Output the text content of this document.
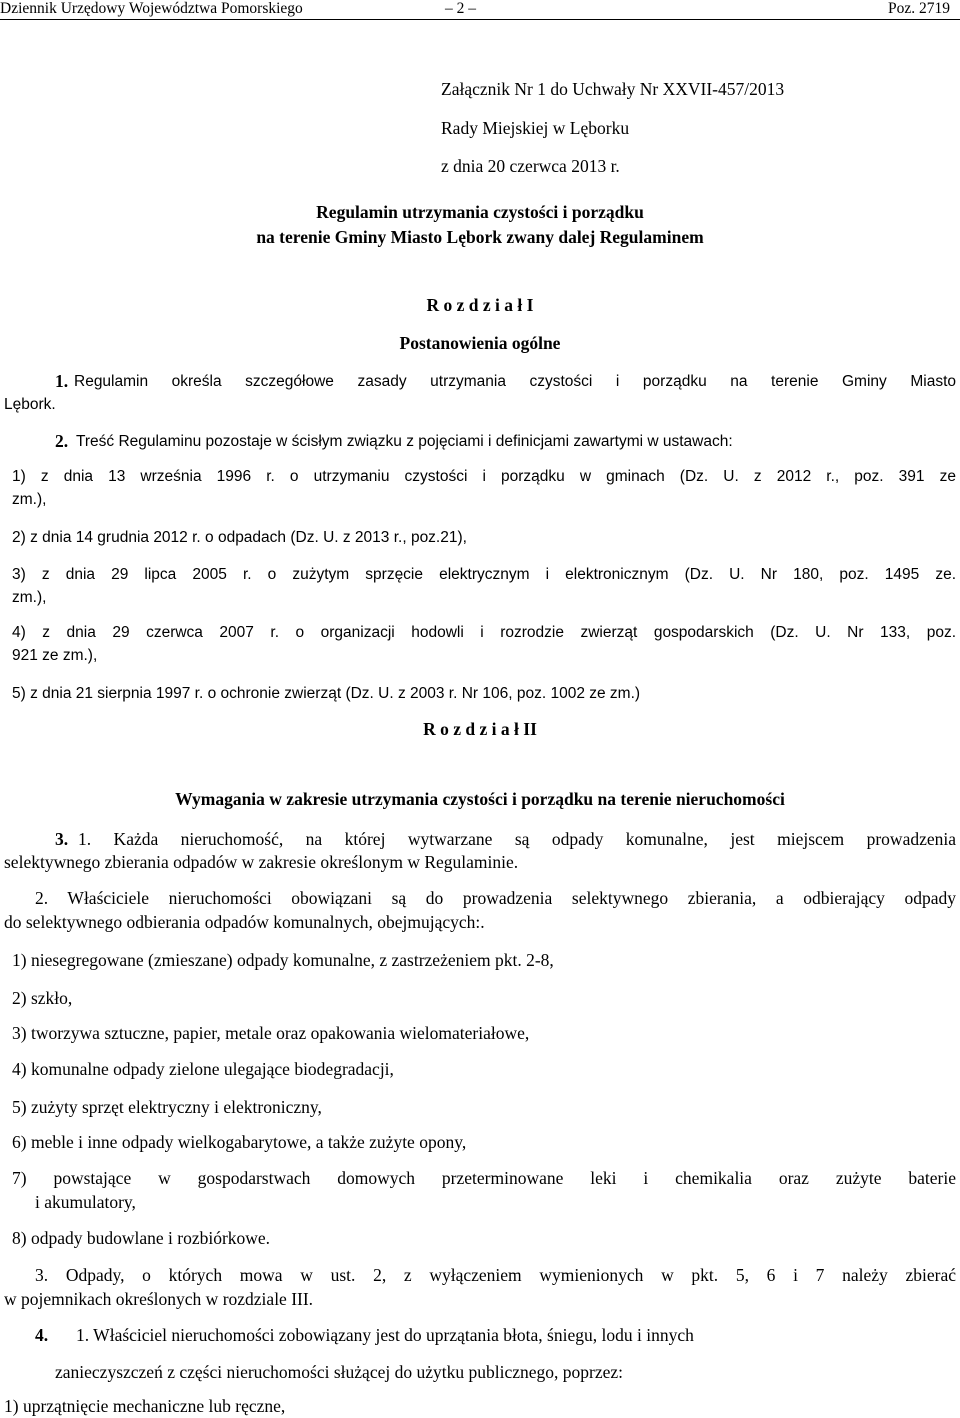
Dziennik Urzędowy Województwa Pomorskiego	– 2 –	Poz. 2719
Załącznik Nr 1 do Uchwały Nr XXVII-457/2013
Rady Miejskiej w Lęborku
z dnia 20 czerwca 2013 r.
Regulamin utrzymania czystości i porządku
na terenie Gminy Miasto Lębork zwany dalej Regulaminem
R o z d z i a ł I
Postanowienia ogólne
1. Regulamin określa szczegółowe zasady utrzymania czystości i porządku na terenie Gminy Miasto
Lębork.
2. Treść Regulaminu pozostaje w ścisłym związku z pojęciami i definicjami zawartymi w ustawach:
1) z dnia 13 września 1996 r. o utrzymaniu czystości i porządku w gminach (Dz. U. z 2012 r., poz. 391 ze
zm.),
2) z dnia 14 grudnia 2012 r. o odpadach (Dz. U. z 2013 r., poz.21),
3) z dnia 29 lipca 2005 r. o zużytym sprzęcie elektrycznym i elektronicznym (Dz. U. Nr 180, poz. 1495 ze.
zm.),
4) z dnia 29 czerwca 2007 r. o organizacji hodowli i rozrodzie zwierząt gospodarskich (Dz. U. Nr 133, poz.
921 ze zm.),
5) z dnia 21 sierpnia 1997 r. o ochronie zwierząt (Dz. U. z 2003 r. Nr 106, poz. 1002 ze zm.)
R o z d z i a ł II
Wymagania w zakresie utrzymania czystości i porządku na terenie nieruchomości
3. 1. Każda nieruchomość, na której wytwarzane są odpady komunalne, jest miejscem prowadzenia
selektywnego zbierania odpadów w zakresie określonym w Regulaminie.
2. Właściciele nieruchomości obowiązani są do prowadzenia selektywnego zbierania, a odbierający odpady
do selektywnego odbierania odpadów komunalnych, obejmujących:.
1) niesegregowane (zmieszane) odpady komunalne, z zastrzeżeniem pkt. 2-8,
2) szkło,
3) tworzywa sztuczne, papier, metale oraz opakowania wielomateriałowe,
4) komunalne odpady zielone ulegające biodegradacji,
5) zużyty sprzęt elektryczny i elektroniczny,
6) meble i inne odpady wielkogabarytowe, a także zużyte opony,
7) powstające w gospodarstwach domowych przeterminowane leki i chemikalia oraz zużyte baterie
i akumulatory,
8) odpady budowlane i rozbiórkowe.
3. Odpady, o których mowa w ust. 2, z wyłączeniem wymienionych w pkt. 5, 6 i 7 należy zbierać
w pojemnikach określonych w rozdziale III.
4. 1. Właściciel nieruchomości zobowiązany jest do uprzątania błota, śniegu, lodu i innych
zanieczyszczeń z części nieruchomości służącej do użytku publicznego, poprzez:
1) uprzątnięcie mechaniczne lub ręczne,
